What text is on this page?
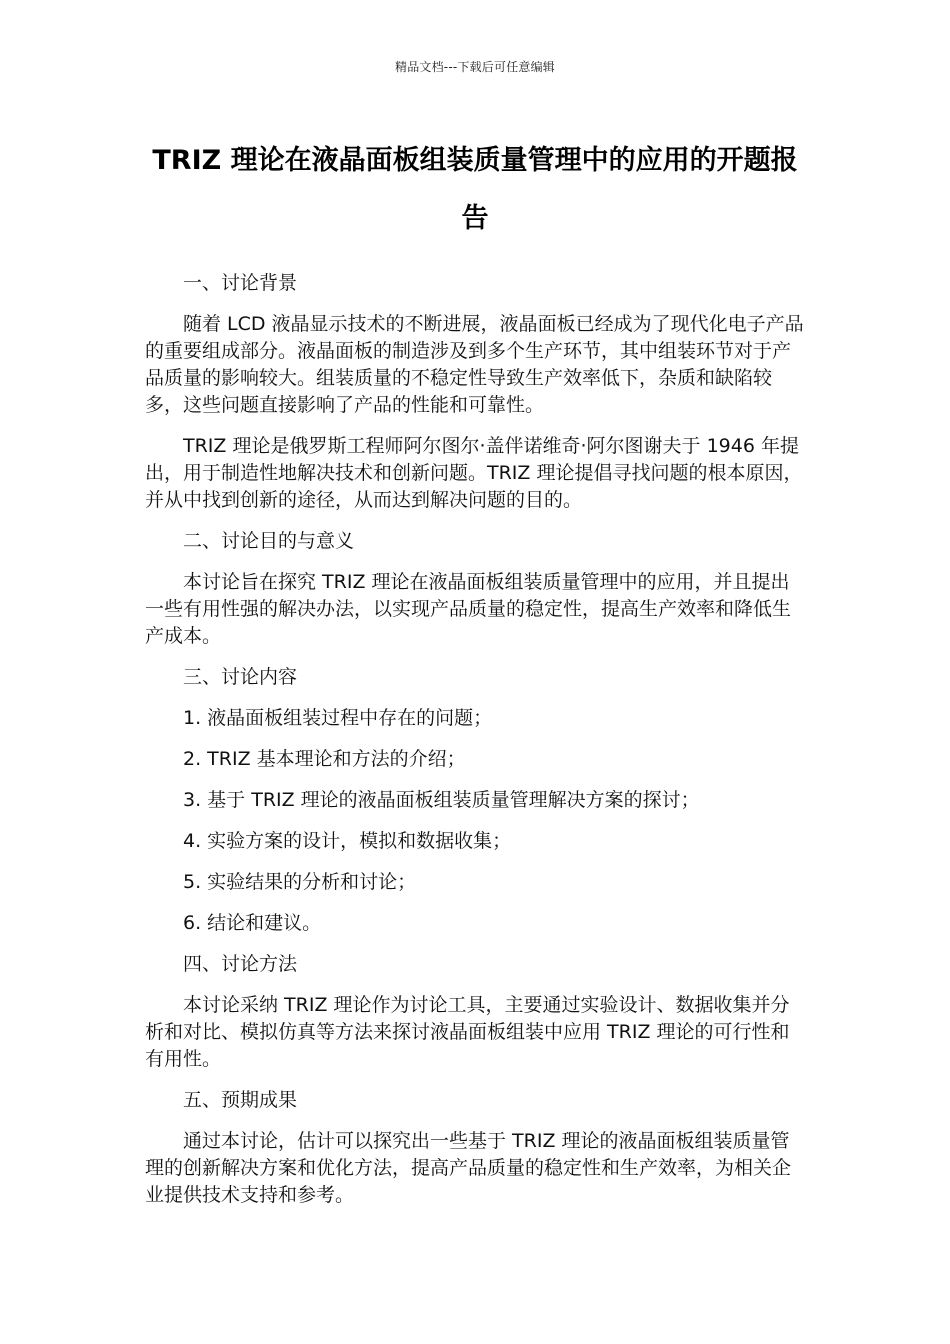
精品文档---下载后可任意编辑
TRIZ 理论在液晶面板组装质量管理中的应用的开题报告

一、讨论背景

随着 LCD 液晶显示技术的不断进展，液晶面板已经成为了现代化电子产品的重要组成部分。液晶面板的制造涉及到多个生产环节，其中组装环节对于产品质量的影响较大。组装质量的不稳定性导致生产效率低下，杂质和缺陷较多，这些问题直接影响了产品的性能和可靠性。

TRIZ 理论是俄罗斯工程师阿尔图尔·盖伴诺维奇·阿尔图谢夫于 1946 年提出，用于制造性地解决技术和创新问题。TRIZ 理论提倡寻找问题的根本原因，并从中找到创新的途径，从而达到解决问题的目的。

二、讨论目的与意义

本讨论旨在探究 TRIZ 理论在液晶面板组装质量管理中的应用，并且提出一些有用性强的解决办法，以实现产品质量的稳定性，提高生产效率和降低生产成本。

三、讨论内容

1. 液晶面板组装过程中存在的问题；

2. TRIZ 基本理论和方法的介绍；

3. 基于 TRIZ 理论的液晶面板组装质量管理解决方案的探讨；

4. 实验方案的设计，模拟和数据收集；

5. 实验结果的分析和讨论；

6. 结论和建议。

四、讨论方法

本讨论采纳 TRIZ 理论作为讨论工具，主要通过实验设计、数据收集并分析和对比、模拟仿真等方法来探讨液晶面板组装中应用 TRIZ 理论的可行性和有用性。

五、预期成果

通过本讨论，估计可以探究出一些基于 TRIZ 理论的液晶面板组装质量管理的创新解决方案和优化方法，提高产品质量的稳定性和生产效率，为相关企业提供技术支持和参考。
